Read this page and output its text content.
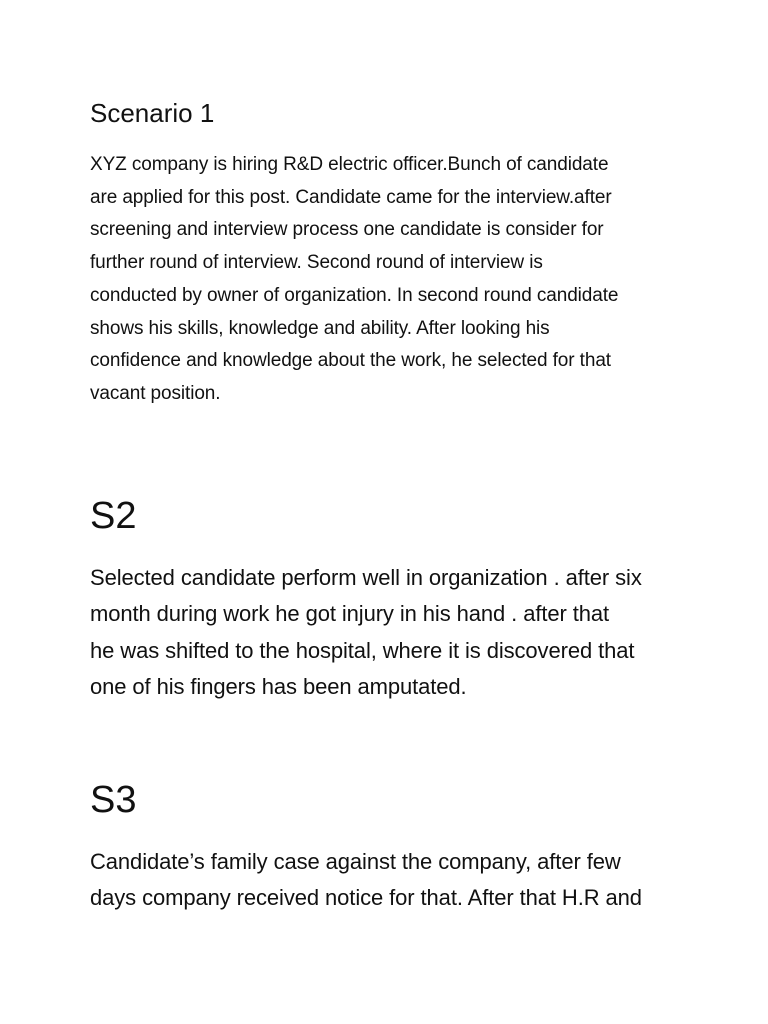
Scenario 1

XYZ company is hiring R&D electric officer.Bunch of candidate
are applied for this post. Candidate came for the interview.after
screening and interview process one candidate is consider for
further round of interview. Second round of interview is
conducted by owner of organization. In second round candidate
shows his skills, knowledge and ability. After looking his
confidence and knowledge about the work, he selected for that
vacant position.

S2

Selected candidate perform well in organization . after six
month during work he got injury in his hand . after that
he was shifted to the hospital, where it is discovered that
one of his fingers has been amputated.

S3

Candidate’s family case against the company, after few
days company received notice for that. After that H.R and
